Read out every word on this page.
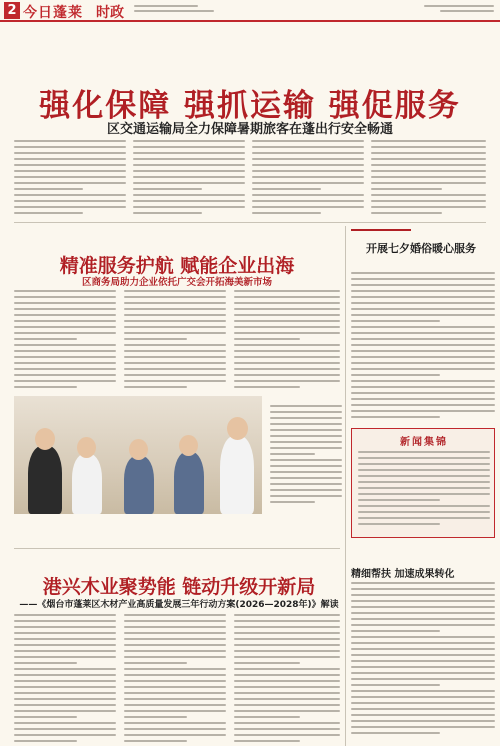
2 今日蓬莱 时政
强化保障 强抓运输 强促服务
区交通运输局全力保障暑期旅客在蓬出行安全畅通
精准服务护航 赋能企业出海
区商务局助力企业依托广交会开拓海美新市场
开展七夕婚俗暖心服务
新闻集锦
精细帮扶 加速成果转化
港兴木业聚势能 链动升级开新局
——《烟台市蓬莱区木材产业高质量发展三年行动方案(2026—2028年)》解读
